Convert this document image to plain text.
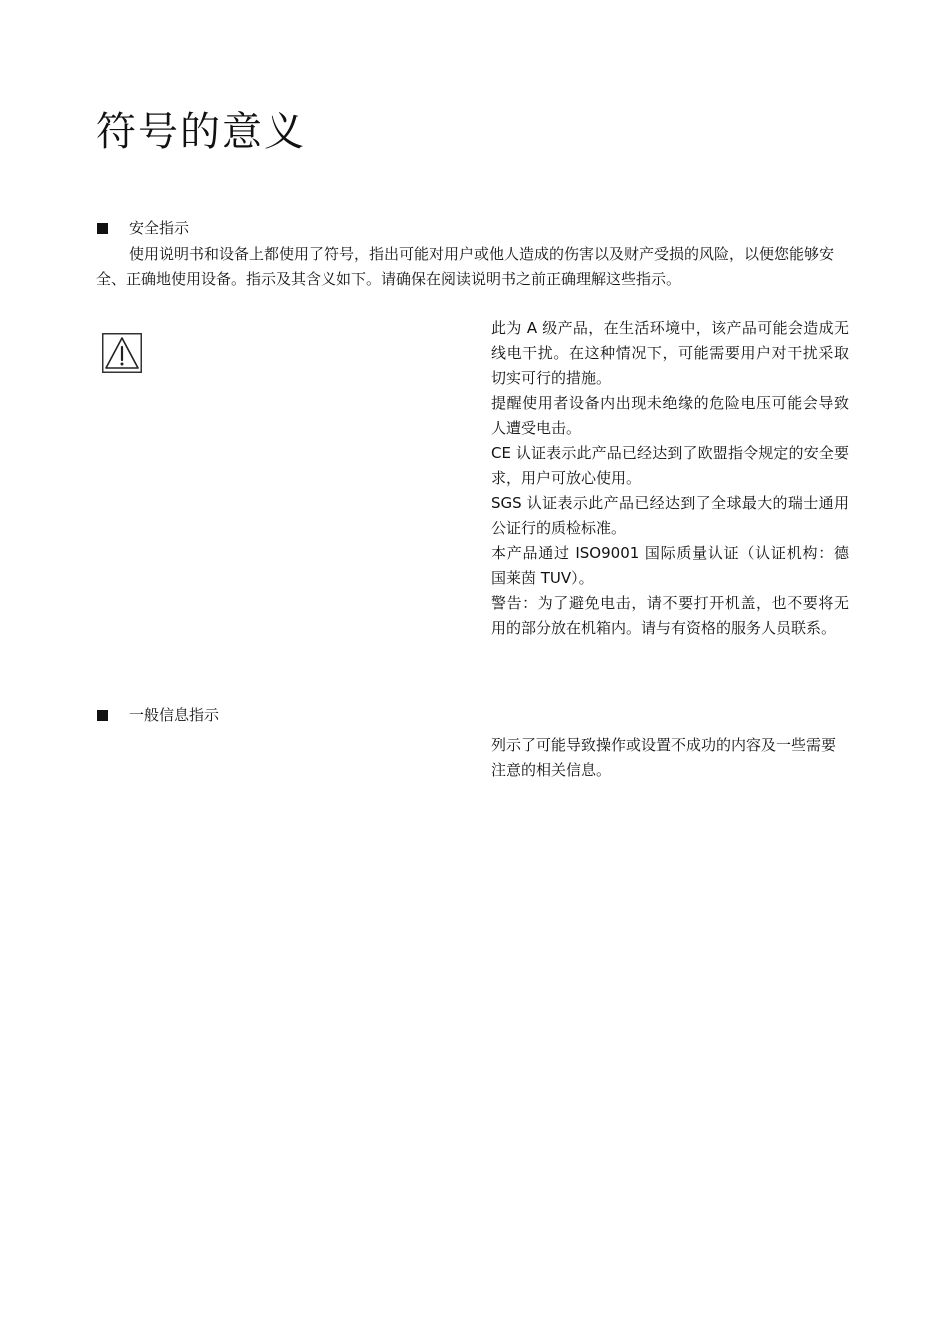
符号的意义
安全指示

使用说明书和设备上都使用了符号，指出可能对用户或他人造成的伤害以及财产受损的风险，以便您能够安全、正确地使用设备。指示及其含义如下。请确保在阅读说明书之前正确理解这些指示。

此为 A 级产品，在生活环境中，该产品可能会造成无线电干扰。在这种情况下，可能需要用户对干扰采取切实可行的措施。
提醒使用者设备内出现未绝缘的危险电压可能会导致人遭受电击。
CE 认证表示此产品已经达到了欧盟指令规定的安全要求，用户可放心使用。
SGS 认证表示此产品已经达到了全球最大的瑞士通用公证行的质检标准。
本产品通过 ISO9001 国际质量认证（认证机构：德国莱茵 TUV）。
警告：为了避免电击，请不要打开机盖，也不要将无用的部分放在机箱内。请与有资格的服务人员联系。
一般信息指示

列示了可能导致操作或设置不成功的内容及一些需要注意的相关信息。
